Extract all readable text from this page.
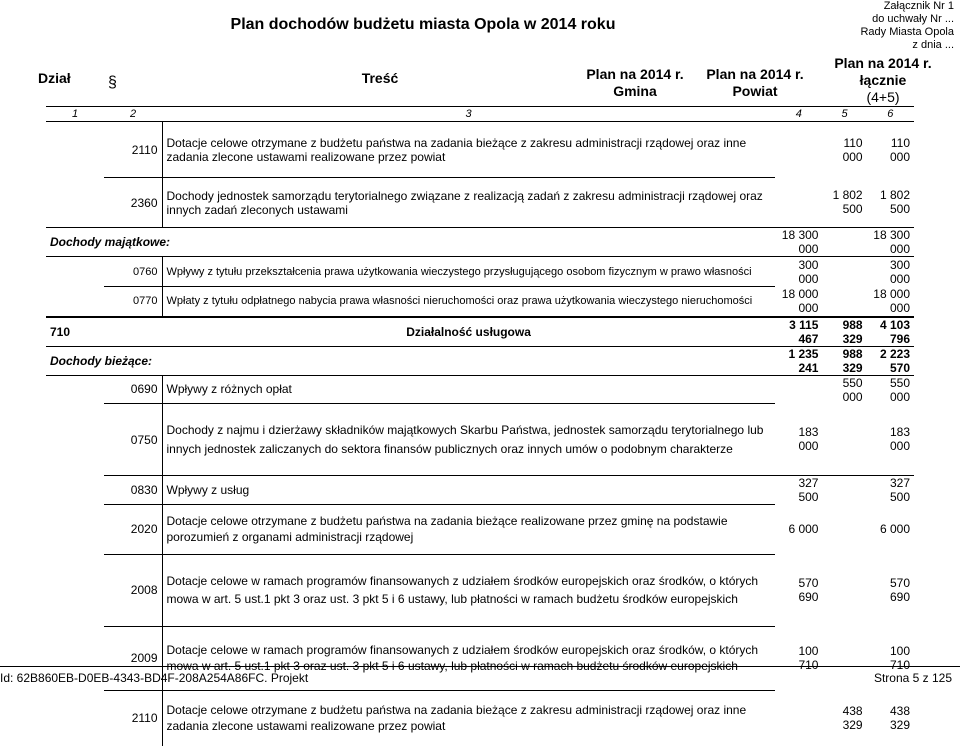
Plan dochodów budżetu miasta Opola w 2014 roku
Załącznik Nr 1
do uchwały Nr ...
Rady Miasta Opola
z dnia ...
Dział §	Treść	Plan na 2014 r.
Gmina
Plan na 2014 r.
Powiat
Plan na 2014 r.
łącznie
(4+5)
1	2	3	4	5	6
	2110	Dotacje celowe otrzymane z budżetu państwa na zadania bieżące z zakresu administracji rządowej oraz inne zadania zlecone ustawami realizowane przez powiat		110 000	110 000
	2360	Dochody jednostek samorządu terytorialnego związane z realizacją zadań z zakresu administracji rządowej oraz innych zadań zleconych ustawami		1 802 500	1 802 500
Dochody majątkowe:			18 300 000		18 300 000
	0760	Wpływy z tytułu przekształcenia prawa użytkowania wieczystego przysługującego osobom fizycznym w prawo własności	300 000		300 000
	0770	Wpłaty z tytułu odpłatnego nabycia prawa własności nieruchomości oraz prawa użytkowania wieczystego nieruchomości	18 000 000		18 000 000
710		Działalność usługowa	3 115 467	988 329	4 103 796
Dochody bieżące:			1 235 241	988 329	2 223 570
	0690	Wpływy z różnych opłat		550 000	550 000
	0750	Dochody z najmu i dzierżawy składników majątkowych Skarbu Państwa, jednostek samorządu terytorialnego lub innych jednostek zaliczanych do sektora finansów publicznych oraz innych umów o podobnym charakterze	183 000		183 000
	0830	Wpływy z usług	327 500		327 500
	2020	Dotacje celowe otrzymane z budżetu państwa na zadania bieżące realizowane przez gminę na podstawie porozumień z organami administracji rządowej	6 000		6 000
	2008	Dotacje celowe w ramach programów finansowanych z udziałem środków europejskich oraz środków, o których mowa w art. 5 ust.1 pkt 3 oraz ust. 3 pkt 5 i 6 ustawy, lub płatności w ramach budżetu środków europejskich	570 690		570 690
	2009	Dotacje celowe w ramach programów finansowanych z udziałem środków europejskich oraz środków, o których mowa w art. 5 ust.1 pkt 3 oraz ust. 3 pkt 5 i 6 ustawy, lub płatności w ramach budżetu środków europejskich	100 710		100 710
	2110	Dotacje celowe otrzymane z budżetu państwa na zadania bieżące z zakresu administracji rządowej oraz inne zadania zlecone ustawami realizowane przez powiat		438 329	438 329
Id: 62B860EB-D0EB-4343-BD4F-208A254A86FC. Projekt	Strona 5 z 125
